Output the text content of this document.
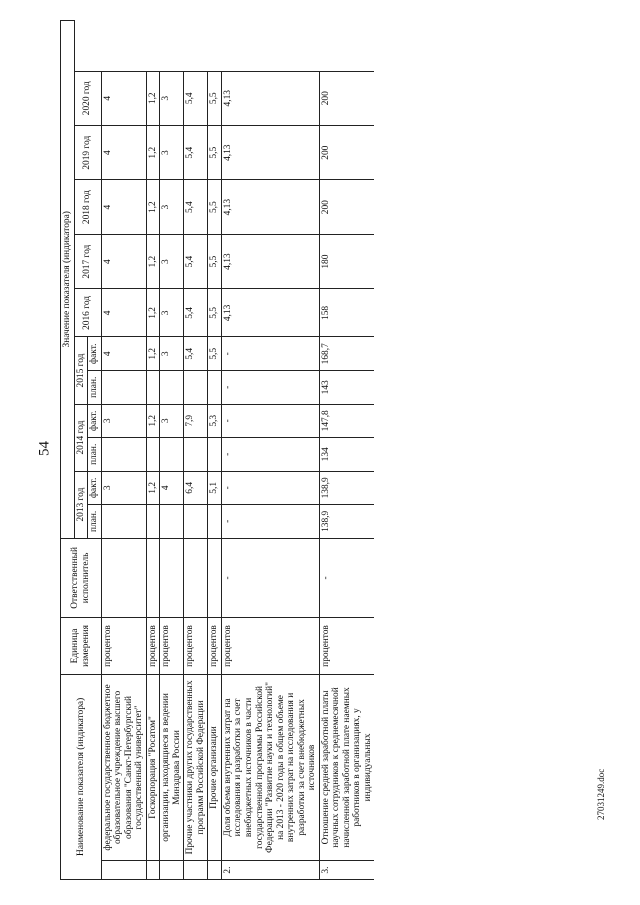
54
27031249.doc
Наименование показателя (индикатора)		Единица измерения	Ответственный исполнитель	Значение показателя (индикатора)										
				2013 год		2014 год		2015 год		2016 год	2017 год	2018 год	2019 год	2020 год
				план.	факт.	план.	факт.	план.	факт.					
	федеральное государственное бюджетное образовательное учреждение высшего образования "Санкт-Петербургский государственный университет"	процентов			3		3		4	4	4	4	4	4
	Госкорпорация "Росатом"	процентов			1,2		1,2		1,2	1,2	1,2	1,2	1,2	1,2
	организации, находящиеся в ведении Минздрава России	процентов			4		3		3	3	3	3	3	3
	Прочие участники других государственных программ Российской Федерации	процентов			6,4		7,9		5,4	5,4	5,4	5,4	5,4	5,4
	Прочие организации	процентов			5,1		5,3		5,5	5,5	5,5	5,5	5,5	5,5
2.	Доля объема внутренних затрат на исследования и разработки за счет внебюджетных источников в части государственной программы Российской Федерации "Развитие науки и технологий" на 2013 - 2020 годы в общем объеме внутренних затрат на исследования и разработки за счет внебюджетных источников	процентов	-	-	-	-	-	-	-	4,13	4,13	4,13	4,13	4,13
3.	Отношение средней заработной платы научных сотрудников к среднемесячной начисленной заработной плате наемных работников в организациях, у индивидуальных	процентов	-	138,9	138,9	134	147,8	143	168,7	158	180	200	200	200
